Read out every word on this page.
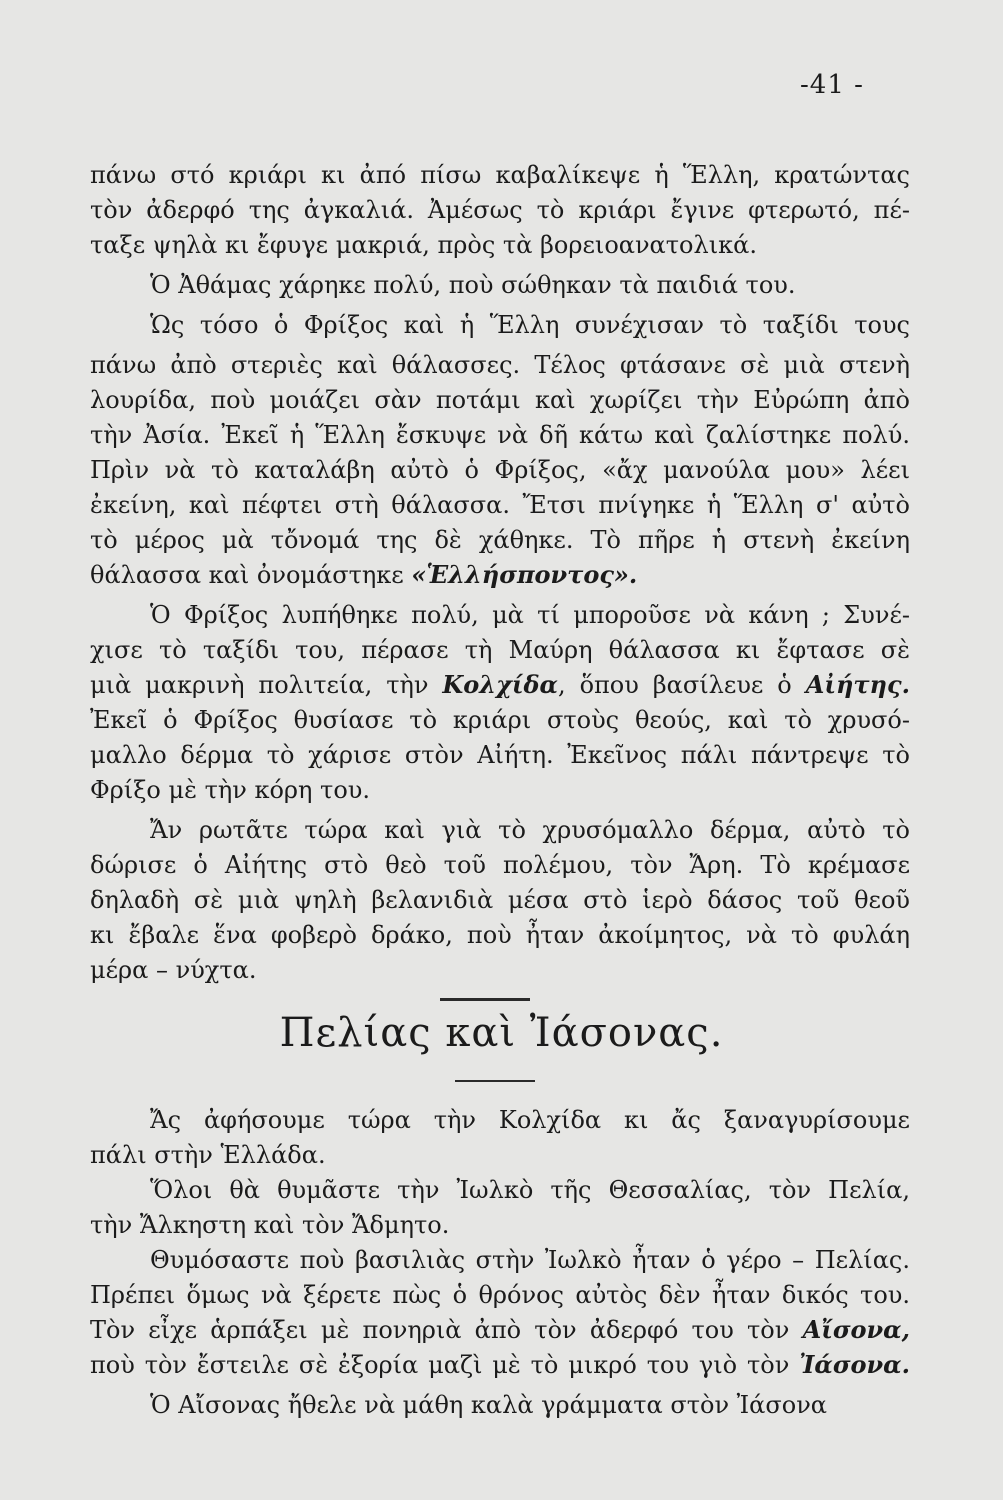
-41 -
πάνω στό κριάρι κι ἀπό πίσω καβαλίκεψε ἡ Ἕλλη, κρατώντας
τὸν ἀδερφό της ἀγκαλιά. Ἀμέσως τὸ κριάρι ἔγινε φτερωτό, πέ-
ταξε ψηλὰ κι ἔφυγε μακριά, πρὸς τὰ βορειοανατολικά.
Ὁ Ἀθάμας χάρηκε πολύ, ποὺ σώθηκαν τὰ παιδιά του.
Ὡς τόσο ὁ Φρίξος καὶ ἡ Ἕλλη συνέχισαν τὸ ταξίδι τους
πάνω ἀπὸ στεριὲς καὶ θάλασσες. Τέλος φτάσανε σὲ μιὰ στενὴ
λουρίδα, ποὺ μοιάζει σὰν ποτάμι καὶ χωρίζει τὴν Εὐρώπη ἀπὸ
τὴν Ἀσία. Ἐκεῖ ἡ Ἕλλη ἔσκυψε νὰ δῆ κάτω καὶ ζαλίστηκε πολύ.
Πρὶν νὰ τὸ καταλάβη αὐτὸ ὁ Φρίξος, «ἄχ μανούλα μου» λέει
ἐκείνη, καὶ πέφτει στὴ θάλασσα. Ἔτσι πνίγηκε ἡ Ἕλλη σ' αὐτὸ
τὸ μέρος μὰ τὄνομά της δὲ χάθηκε. Τὸ πῆρε ἡ στενὴ ἐκείνη
θάλασσα καὶ ὀνομάστηκε «Ἑλλήσποντος».
Ὁ Φρίξος λυπήθηκε πολύ, μὰ τί μποροῦσε νὰ κάνη ; Συνέ-
χισε τὸ ταξίδι του, πέρασε τὴ Μαύρη θάλασσα κι ἔφτασε σὲ
μιὰ μακρινὴ πολιτεία, τὴν Κολχίδα, ὅπου βασίλευε ὁ Αἰήτης.
Ἐκεῖ ὁ Φρίξος θυσίασε τὸ κριάρι στοὺς θεούς, καὶ τὸ χρυσό-
μαλλο δέρμα τὸ χάρισε στὸν Αἰήτη. Ἐκεῖνος πάλι πάντρεψε τὸ
Φρίξο μὲ τὴν κόρη του.
Ἄν ρωτᾶτε τώρα καὶ γιὰ τὸ χρυσόμαλλο δέρμα, αὐτὸ τὸ
δώρισε ὁ Αἰήτης στὸ θεὸ τοῦ πολέμου, τὸν Ἄρη. Τὸ κρέμασε
δηλαδὴ σὲ μιὰ ψηλὴ βελανιδιὰ μέσα στὸ ἱερὸ δάσος τοῦ θεοῦ
κι ἔβαλε ἕνα φοβερὸ δράκο, ποὺ ἦταν ἀκοίμητος, νὰ τὸ φυλάη
μέρα – νύχτα.
Πελίας καὶ Ἰάσονας.
Ἄς ἀφήσουμε τώρα τὴν Κολχίδα κι ἄς ξαναγυρίσουμε
πάλι στὴν Ἑλλάδα.
Ὅλοι θὰ θυμᾶστε τὴν Ἰωλκὸ τῆς Θεσσαλίας, τὸν Πελία,
τὴν Ἄλκηστη καὶ τὸν Ἄδμητο.
Θυμόσαστε ποὺ βασιλιὰς στὴν Ἰωλκὸ ἦταν ὁ γέρο – Πελίας.
Πρέπει ὅμως νὰ ξέρετε πὼς ὁ θρόνος αὐτὸς δὲν ἦταν δικός του.
Τὸν εἶχε ἁρπάξει μὲ πονηριὰ ἀπὸ τὸν ἀδερφό του τὸν Αἴσονα,
ποὺ τὸν ἔστειλε σὲ ἐξορία μαζὶ μὲ τὸ μικρό του γιὸ τὸν Ἰάσονα.
Ὁ Αἴσονας ἤθελε νὰ μάθη καλὰ γράμματα στὸν Ἰάσονα
